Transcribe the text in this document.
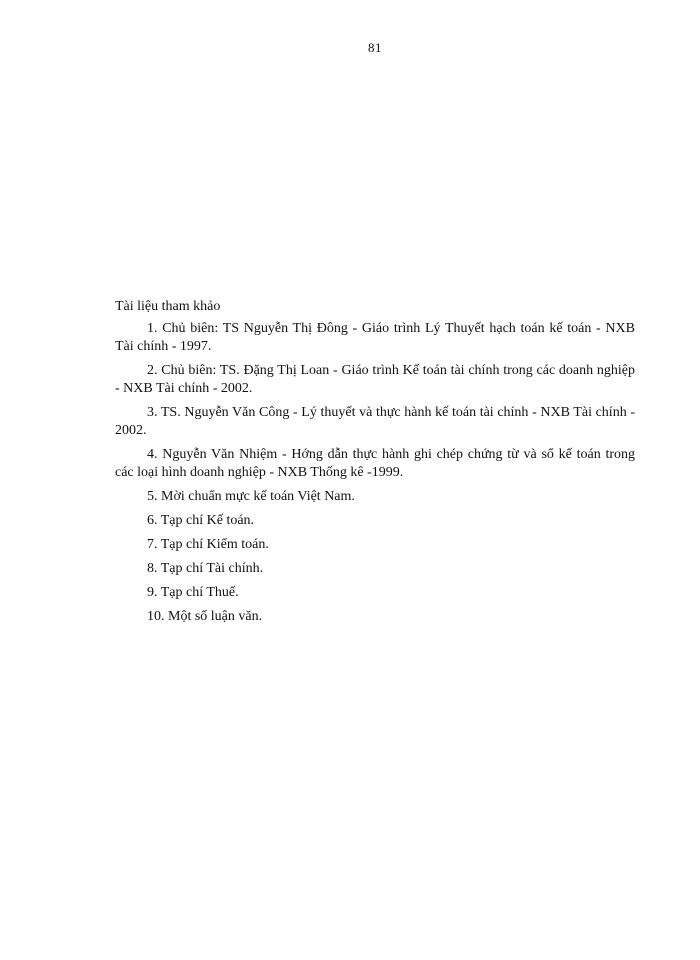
81
Tài liệu tham khảo
1. Chủ biên: TS Nguyễn Thị Đông - Giáo trình Lý Thuyết hạch toán kế toán - NXB Tài chính - 1997.
2. Chủ biên: TS. Đặng Thị Loan - Giáo trình Kế toán tài chính trong các doanh nghiệp - NXB Tài chính - 2002.
3. TS. Nguyễn Văn Công - Lý thuyết và thực hành kế toán tài chính - NXB Tài chính - 2002.
4. Nguyễn Văn Nhiệm - Hớng dẫn thực hành ghi chép chứng từ và sổ kế toán trong các loại hình doanh nghiệp - NXB Thống kê -1999.
5. Mời chuẩn mực kế toán Việt Nam.
6. Tạp chí Kế toán.
7. Tạp chí Kiểm toán.
8. Tạp chí Tài chính.
9. Tạp chí Thuế.
10. Một số luận văn.
